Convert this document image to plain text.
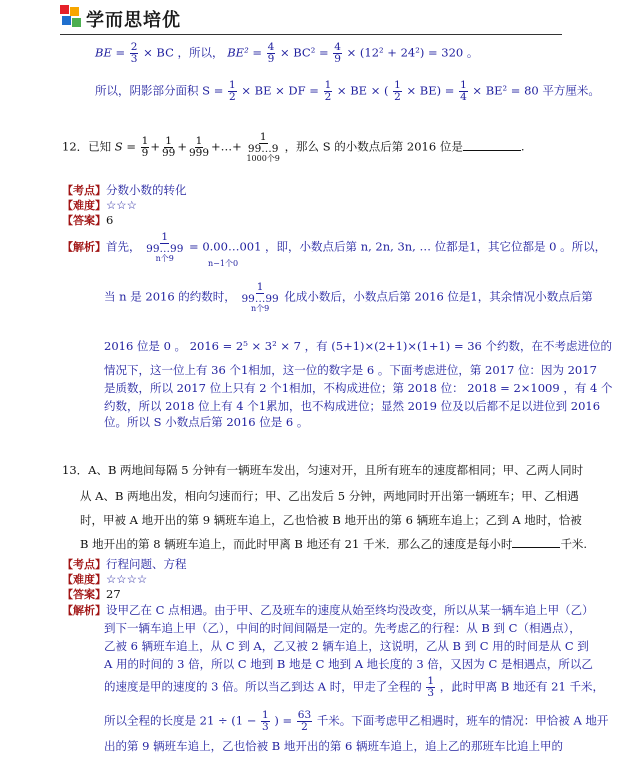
学而思培优
BE = $\frac{2}{3}$ × BC ，所以， $BE^2 = \frac{4}{9} \times BC^2 = \frac{4}{9} \times (12^2 + 24^2) = 320$ 。
所以，阴影部分面积 $S = \frac{1}{2}$ × BE × DF = $\frac{1}{2}$ × BE × ( $\frac{1}{2} \times BE) = \frac{1}{4} \times BE^2 = 80$ 平方厘米。
12．已知 $S = \frac{1}{9} + \frac{1}{99} + \frac{1}{999}$ +…+
1
99…9
1000个9
，那么 S 的小数点后第 2016 位是	.
【考点】分数小数的转化
【难度】☆☆☆
【答案】6
【解析】首先，
1
99…99
n个9
= 0.00…001 ，即，小数点后第 n, 2n, 3n, … 位都是1，其它位都是 0 。所以，
n−1个0
当 n 是 2016 的约数时，
1
99…99
n个9
化成小数后，小数点后第 2016 位是1，其余情况小数点后第
2016 位是 0 。 2016 = 2⁵ × 3² × 7 ，有 (5+1)×(2+1)×(1+1) = 36 个约数，在不考虑进位的
情况下，这一位上有 36 个1相加，这一位的数字是 6 。下面考虑进位，第 2017 位：因为 2017
是质数，所以 2017 位上只有 2 个1相加，不构成进位；第 2018 位： 2018 = 2×1009 ，有 4 个
约数，所以 2018 位上有 4 个1累加，也不构成进位；显然 2019 位及以后都不足以进位到 2016
位。所以 S 小数点后第 2016 位是 6 。
13．A、B 两地间每隔 5 分钟有一辆班车发出，匀速对开，且所有班车的速度都相同；甲、乙两人同时
从 A、B 两地出发，相向匀速而行；甲、乙出发后 5 分钟，两地同时开出第一辆班车；甲、乙相遇
时，甲被 A 地开出的第 9 辆班车追上，乙也恰被 B 地开出的第 6 辆班车追上；乙到 A 地时，恰被
B 地开出的第 8 辆班车追上，而此时甲离 B 地还有 21 千米．那么乙的速度是每小时	千米.
【考点】行程问题、方程
【难度】☆☆☆☆
【答案】27
【解析】设甲乙在 C 点相遇。由于甲、乙及班车的速度从始至终均没改变，所以从某一辆车追上甲（乙）
到下一辆车追上甲（乙），中间的时间间隔是一定的。先考虑乙的行程：从 B 到 C（相遇点），
乙被 6 辆班车追上，从 C 到 A，乙又被 2 辆车追上，这说明，乙从 B 到 C 用的时间是从 C 到
A 用的时间的 3 倍，所以 C 地到 B 地是 C 地到 A 地长度的 3 倍，又因为 C 是相遇点，所以乙
的速度是甲的速度的 3 倍。所以当乙到达 A 时，甲走了全程的 $\frac{1}{3}$ ，此时甲离 B 地还有 21 千米，
所以全程的长度是 $21 \div (1 - \frac{1}{3}$ ) = $\frac{63}{2}$ 千米。下面考虑甲乙相遇时，班车的情况：甲恰被 A 地开
出的第 9 辆班车追上，乙也恰被 B 地开出的第 6 辆班车追上，追上乙的那班车比追上甲的
